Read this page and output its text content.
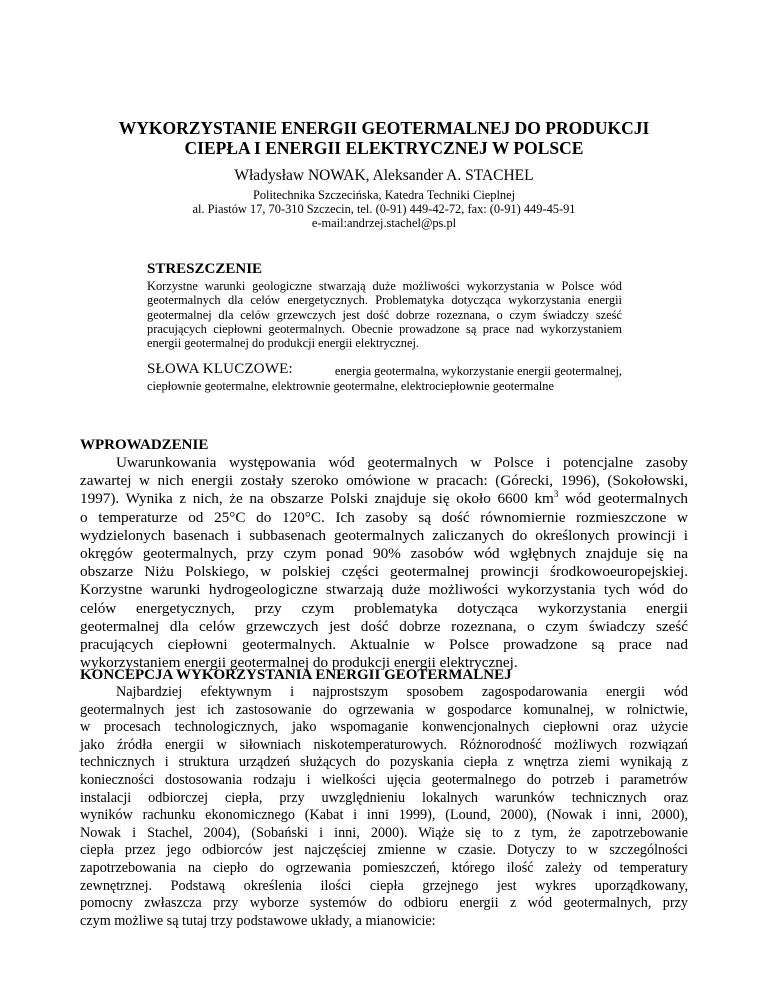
WYKORZYSTANIE ENERGII GEOTERMALNEJ DO PRODUKCJI
CIEPŁA I ENERGII ELEKTRYCZNEJ W POLSCE
Władysław NOWAK, Aleksander A. STACHEL
Politechnika Szczecińska, Katedra Techniki Cieplnej
al. Piastów 17, 70-310 Szczecin, tel. (0-91) 449-42-72, fax: (0-91) 449-45-91
e-mail:andrzej.stachel@ps.pl
STRESZCZENIE
Korzystne warunki geologiczne stwarzają duże możliwości wykorzystania w Polsce wód
geotermalnych dla celów energetycznych. Problematyka dotycząca wykorzystania energii
geotermalnej dla celów grzewczych jest dość dobrze rozeznana, o czym świadczy sześć
pracujących ciepłowni geotermalnych. Obecnie prowadzone są prace nad wykorzystaniem
energii geotermalnej do produkcji energii elektrycznej.
SŁOWA KLUCZOWE:	energia geotermalna, wykorzystanie energii geotermalnej,
ciepłownie geotermalne, elektrownie geotermalne, elektrociepłownie geotermalne
WPROWADZENIE
Uwarunkowania występowania wód geotermalnych w Polsce i potencjalne zasoby
zawartej w nich energii zostały szeroko omówione w pracach: (Górecki, 1996), (Sokołowski,
1997). Wynika z nich, że na obszarze Polski znajduje się około 6600 $km^3$ wód geotermalnych
o temperaturze od 25°C do 120°C. Ich zasoby są dość równomiernie rozmieszczone w
wydzielonych basenach i subbasenach geotermalnych zaliczanych do określonych prowincji i
okręgów geotermalnych, przy czym ponad 90% zasobów wód wgłębnych znajduje się na
obszarze Niżu Polskiego, w polskiej części geotermalnej prowincji środkowoeuropejskiej.
Korzystne warunki hydrogeologiczne stwarzają duże możliwości wykorzystania tych wód do
celów energetycznych, przy czym problematyka dotycząca wykorzystania energii
geotermalnej dla celów grzewczych jest dość dobrze rozeznana, o czym świadczy sześć
pracujących ciepłowni geotermalnych. Aktualnie w Polsce prowadzone są prace nad
wykorzystaniem energii geotermalnej do produkcji energii elektrycznej.
KONCEPCJA WYKORZYSTANIA ENERGII GEOTERMALNEJ
Najbardziej efektywnym i najprostszym sposobem zagospodarowania energii wód
geotermalnych jest ich zastosowanie do ogrzewania w gospodarce komunalnej, w rolnictwie,
w procesach technologicznych, jako wspomaganie konwencjonalnych ciepłowni oraz użycie
jako źródła energii w siłowniach niskotemperaturowych. Różnorodność możliwych rozwiązań
technicznych i struktura urządzeń służących do pozyskania ciepła z wnętrza ziemi wynikają z
konieczności dostosowania rodzaju i wielkości ujęcia geotermalnego do potrzeb i parametrów
instalacji odbiorczej ciepła, przy uwzględnieniu lokalnych warunków technicznych oraz
wyników rachunku ekonomicznego (Kabat i inni 1999), (Lound, 2000), (Nowak i inni, 2000),
Nowak i Stachel, 2004), (Sobański i inni, 2000). Wiąże się to z tym, że zapotrzebowanie
ciepła przez jego odbiorców jest najczęściej zmienne w czasie. Dotyczy to w szczególności
zapotrzebowania na ciepło do ogrzewania pomieszczeń, którego ilość zależy od temperatury
zewnętrznej. Podstawą określenia ilości ciepła grzejnego jest wykres uporządkowany,
pomocny zwłaszcza przy wyborze systemów do odbioru energii z wód geotermalnych, przy
czym możliwe są tutaj trzy podstawowe układy, a mianowicie:
